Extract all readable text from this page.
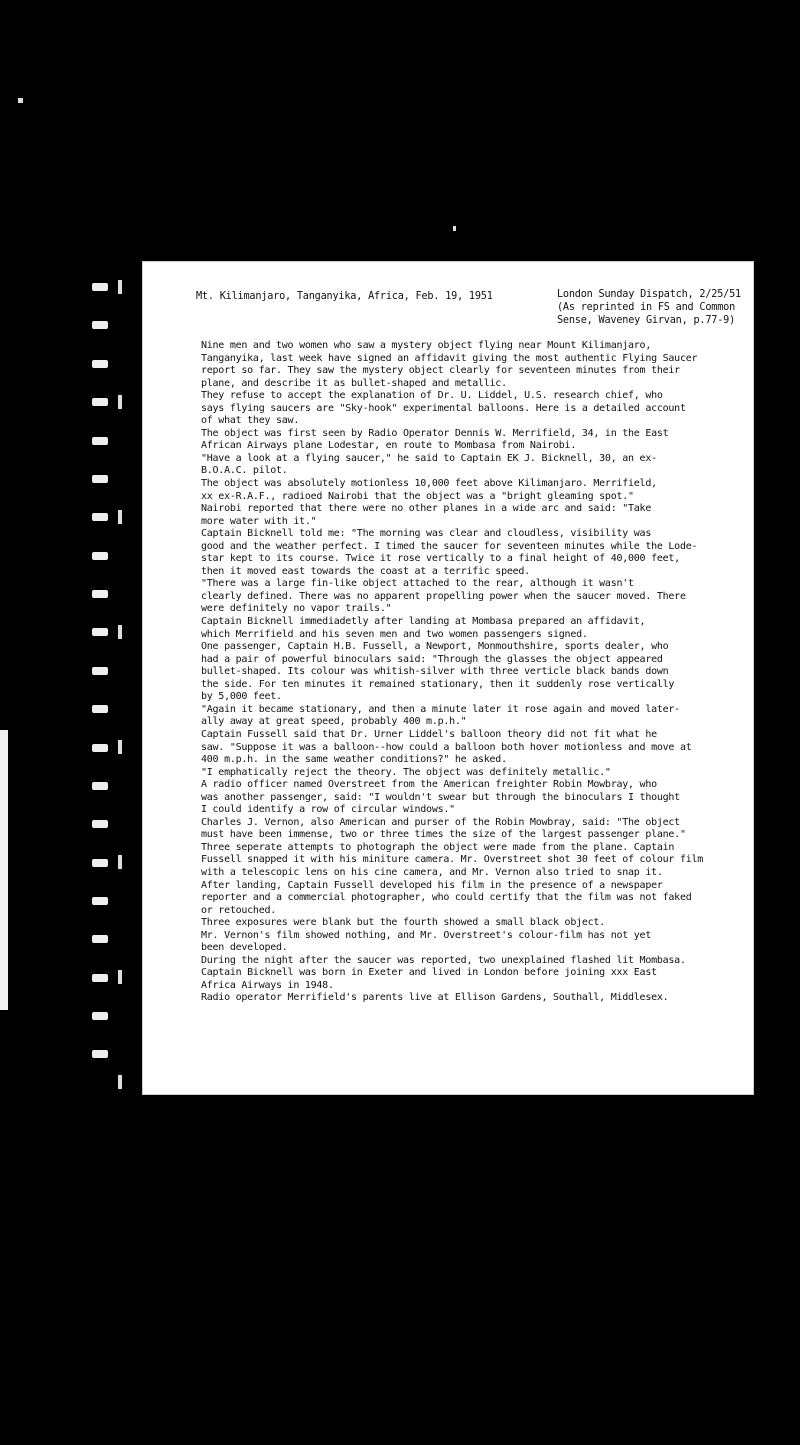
Mt. Kilimanjaro, Tanganyika, Africa, Feb. 19, 1951	London Sunday Dispatch, 2/25/51
(As reprinted in FS and Common
Sense, Waveney Girvan, p.77-9)
Nine men and two women who saw a mystery object flying near Mount Kilimanjaro,
Tanganyika, last week have signed an affidavit giving the most authentic Flying Saucer
report so far. They saw the mystery object clearly for seventeen minutes from their
plane, and describe it as bullet-shaped and metallic.
They refuse to accept the explanation of Dr. U. Liddel, U.S. research chief, who
says flying saucers are "Sky-hook" experimental balloons. Here is a detailed account
of what they saw.
The object was first seen by Radio Operator Dennis W. Merrifield, 34, in the East
African Airways plane Lodestar, en route to Mombasa from Nairobi.
"Have a look at a flying saucer," he said to Captain EK J. Bicknell, 30, an ex-
B.O.A.C. pilot.
The object was absolutely motionless 10,000 feet above Kilimanjaro. Merrifield,
xx ex-R.A.F., radioed Nairobi that the object was a "bright gleaming spot."
Nairobi reported that there were no other planes in a wide arc and said: "Take
more water with it."
Captain Bicknell told me: "The morning was clear and cloudless, visibility was
good and the weather perfect. I timed the saucer for seventeen minutes while the Lode-
star kept to its course. Twice it rose vertically to a final height of 40,000 feet,
then it moved east towards the coast at a terrific speed.
"There was a large fin-like object attached to the rear, although it wasn't
clearly defined. There was no apparent propelling power when the saucer moved. There
were definitely no vapor trails."
Captain Bicknell immediadetly after landing at Mombasa prepared an affidavit,
which Merrifield and his seven men and two women passengers signed.
One passenger, Captain H.B. Fussell, a Newport, Monmouthshire, sports dealer, who
had a pair of powerful binoculars said: "Through the glasses the object appeared
bullet-shaped. Its colour was whitish-silver with three verticle black bands down
the side. For ten minutes it remained stationary, then it suddenly rose vertically
by 5,000 feet.
"Again it became stationary, and then a minute later it rose again and moved later-
ally away at great speed, probably 400 m.p.h."
Captain Fussell said that Dr. Urner Liddel's balloon theory did not fit what he
saw. "Suppose it was a balloon--how could a balloon both hover motionless and move at
400 m.p.h. in the same weather conditions?" he asked.
"I emphatically reject the theory. The object was definitely metallic."
A radio officer named Overstreet from the American freighter Robin Mowbray, who
was another passenger, said: "I wouldn't swear but through the binoculars I thought
I could identify a row of circular windows."
Charles J. Vernon, also American and purser of the Robin Mowbray, said: "The object
must have been immense, two or three times the size of the largest passenger plane."
Three seperate attempts to photograph the object were made from the plane. Captain
Fussell snapped it with his miniture camera. Mr. Overstreet shot 30 feet of colour film
with a telescopic lens on his cine camera, and Mr. Vernon also tried to snap it.
After landing, Captain Fussell developed his film in the presence of a newspaper
reporter and a commercial photographer, who could certify that the film was not faked
or retouched.
Three exposures were blank but the fourth showed a small black object.
Mr. Vernon's film showed nothing, and Mr. Overstreet's colour-film has not yet
been developed.
During the night after the saucer was reported, two unexplained flashed lit Mombasa.
Captain Bicknell was born in Exeter and lived in London before joining xxx East
Africa Airways in 1948.
Radio operator Merrifield's parents live at Ellison Gardens, Southall, Middlesex.
